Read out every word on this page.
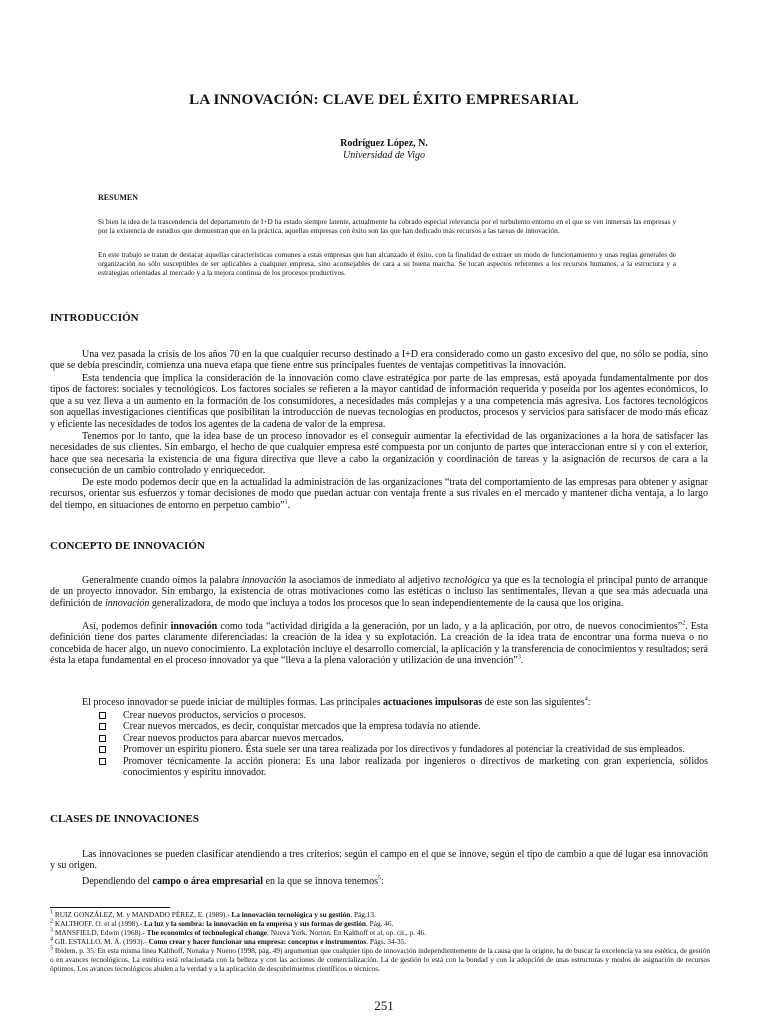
LA INNOVACIÓN: CLAVE DEL ÉXITO EMPRESARIAL
Rodríguez López, N.
Universidad de Vigo
RESUMEN

Si bien la idea de la trascendencia del departamento de I+D ha estado siempre latente, actualmente ha cobrado especial relevancia por el turbulento entorno en el que se ven inmersas las empresas y por la existencia de estudios que demuestran que en la práctica, aquellas empresas con éxito son las que han dedicado más recursos a las tareas de innovación.

En este trabajo se tratan de destacar aquellas características comunes a estas empresas que han alcanzado el éxito, con la finalidad de extraer un modo de funcionamiento y unas reglas generales de organización no sólo susceptibles de ser aplicables a cualquier empresa, sino aconsejables de cara a su buena marcha. Se tocan aspectos referentes a los recursos humanos, a la estructura y a estrategias orientadas al mercado y a la mejora continua de los procesos productivos.

INTRODUCCIÓN

Una vez pasada la crisis de los años 70 en la que cualquier recurso destinado a I+D era considerado como un gasto excesivo del que, no sólo se podía, sino que se debía prescindir, comienza una nueva etapa que tiene entre sus principales fuentes de ventajas competitivas la innovación.

Esta tendencia que implica la consideración de la innovación como clave estratégica por parte de las empresas, está apoyada fundamentalmente por dos tipos de factores: sociales y tecnológicos. Los factores sociales se refieren a la mayor cantidad de información requerida y poseída por los agentes económicos, lo que a su vez lleva a un aumento en la formación de los consumidores, a necesidades más complejas y a una competencia más agresiva. Los factores tecnológicos son aquellas investigaciones científicas que posibilitan la introducción de nuevas tecnologías en productos, procesos y servicios para satisfacer de modo más eficaz y eficiente las necesidades de todos los agentes de la cadena de valor de la empresa.

Tenemos por lo tanto, que la idea base de un proceso innovador es el conseguir aumentar la efectividad de las organizaciones a la hora de satisfacer las necesidades de sus clientes. Sin embargo, el hecho de que cualquier empresa esté compuesta por un conjunto de partes que interaccionan entre sí y con el exterior, hace que sea necesaria la existencia de una figura directiva que lleve a cabo la organización y coordinación de tareas y la asignación de recursos de cara a la consecución de un cambio controlado y enriquecedor.

De este modo podemos decir que en la actualidad la administración de las organizaciones “trata del comportamiento de las empresas para obtener y asignar recursos, orientar sus esfuerzos y tomar decisiones de modo que puedan actuar con ventaja frente a sus rivales en el mercado y mantener dicha ventaja, a lo largo del tiempo, en situaciones de entorno en perpetuo cambio”$^1$.

CONCEPTO DE INNOVACIÓN

Generalmente cuando oímos la palabra innovación la asociamos de inmediato al adjetivo tecnológica ya que es la tecnología el principal punto de arranque de un proyecto innovador. Sin embargo, la existencia de otras motivaciones como las estéticas o incluso las sentimentales, llevan a que sea más adecuada una definición de innovación generalizadora, de modo que incluya a todos los procesos que lo sean independientemente de la causa que los origina.

Así, podemos definir innovación como toda “actividad dirigida a la generación, por un lado, y a la aplicación, por otro, de nuevos conocimientos”$^2$. Esta definición tiene dos partes claramente diferenciadas: la creación de la idea y su explotación. La creación de la idea trata de encontrar una forma nueva o no concebida de hacer algo, un nuevo conocimiento. La explotación incluye el desarrollo comercial, la aplicación y la transferencia de conocimientos y resultados; será ésta la etapa fundamental en el proceso innovador ya que “lleva a la plena valoración y utilización de una invención”$^3$.

El proceso innovador se puede iniciar de múltiples formas. Las principales actuaciones impulsoras de este son las siguientes$^4$:

Crear nuevos productos, servicios o procesos.
Crear nuevos mercados, es decir, conquistar mercados que la empresa todavía no atiende.
Crear nuevos productos para abarcar nuevos mercados.
Promover un espíritu pionero. Ésta suele ser una tarea realizada por los directivos y fundadores al potenciar la creatividad de sus empleados.
Promover técnicamente la acción pionera: Es una labor realizada por ingenieros o directivos de marketing con gran experiencia, sólidos conocimientos y espíritu innovador.
CLASES DE INNOVACIONES

Las innovaciones se pueden clasificar atendiendo a tres criterios: según el campo en el que se innove, según el tipo de cambio a que dé lugar esa innovación y su origen.

Dependiendo del campo o área empresarial en la que se innova tenemos$^5$:

$^1$ RUIZ GONZÁLEZ, M. y MANDADO PÉREZ, E. (1989).- La innovación tecnológica y su gestión. Pág.13.
$^2$ KALTHOFF, O. et al (1998).- La luz y la sombra: la innovación en la empresa y sus formas de gestión. Pág. 46.
$^3$ MANSFIELD, Edwin (1968).- The economics of technological change. Nueva York. Norton. En Kalthoff et al, op. cit., p. 46.
$^4$ GIL ESTALLO, M. Á. (1993).- Como crear y hacer funcionar una empresa: conceptos e instrumentos. Págs. 34-35.
$^5$ Ibidem, p. 35. En esta misma línea Kalthoff, Nonaka y Nueno (1998, pág. 49) argumentan que cualquier tipo de innovación independientemente de la causa que la origine, ha de buscar la excelencia ya sea estética, de gestión o en avances tecnológicos. La estética está relacionada con la belleza y con las acciones de comercialización. La de gestión lo está con la bondad y con la adopción de unas estructuras y modos de asignación de recursos óptimos. Los avances tecnológicos aluden a la verdad y a la aplicación de descubrimientos científicos o técnicos.
251
